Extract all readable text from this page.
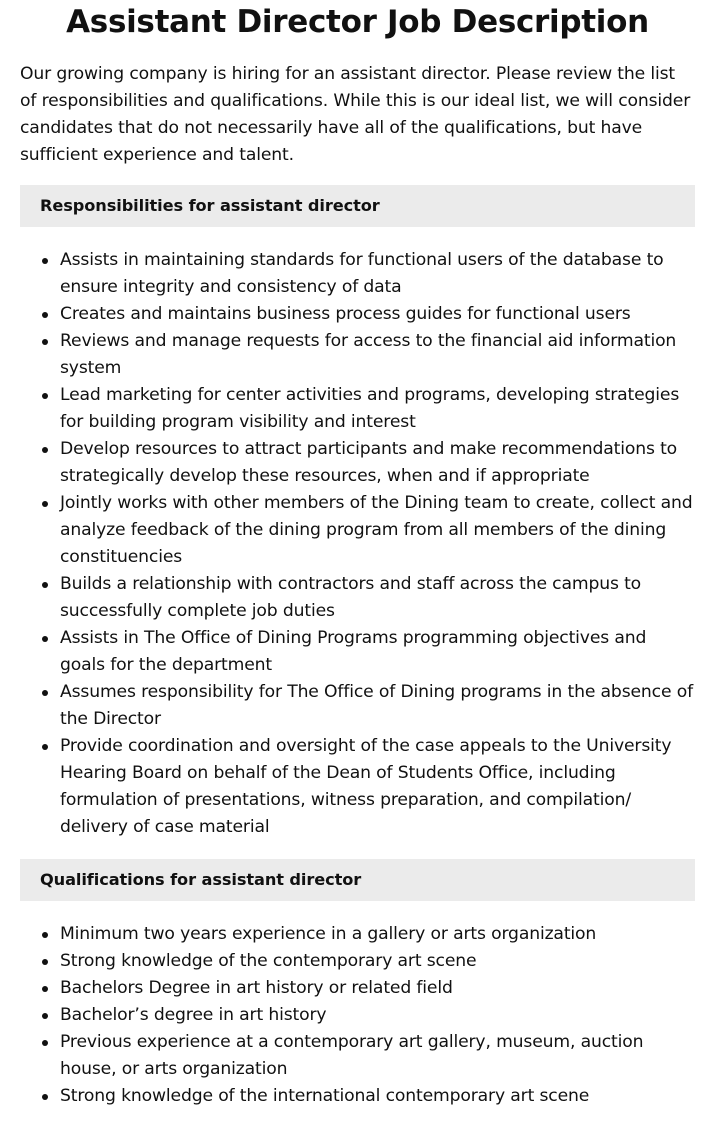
Assistant Director Job Description

Our growing company is hiring for an assistant director. Please review the list of responsibilities and qualifications. While this is our ideal list, we will consider candidates that do not necessarily have all of the qualifications, but have sufficient experience and talent.

Responsibilities for assistant director
Assists in maintaining standards for functional users of the database to ensure integrity and consistency of data
Creates and maintains business process guides for functional users
Reviews and manage requests for access to the financial aid information system
Lead marketing for center activities and programs, developing strategies for building program visibility and interest
Develop resources to attract participants and make recommendations to strategically develop these resources, when and if appropriate
Jointly works with other members of the Dining team to create, collect and analyze feedback of the dining program from all members of the dining constituencies
Builds a relationship with contractors and staff across the campus to successfully complete job duties
Assists in The Office of Dining Programs programming objectives and goals for the department
Assumes responsibility for The Office of Dining programs in the absence of the Director
Provide coordination and oversight of the case appeals to the University Hearing Board on behalf of the Dean of Students Office, including formulation of presentations, witness preparation, and compilation/ delivery of case material
Qualifications for assistant director
Minimum two years experience in a gallery or arts organization
Strong knowledge of the contemporary art scene
Bachelors Degree in art history or related field
Bachelor’s degree in art history
Previous experience at a contemporary art gallery, museum, auction house, or arts organization
Strong knowledge of the international contemporary art scene
